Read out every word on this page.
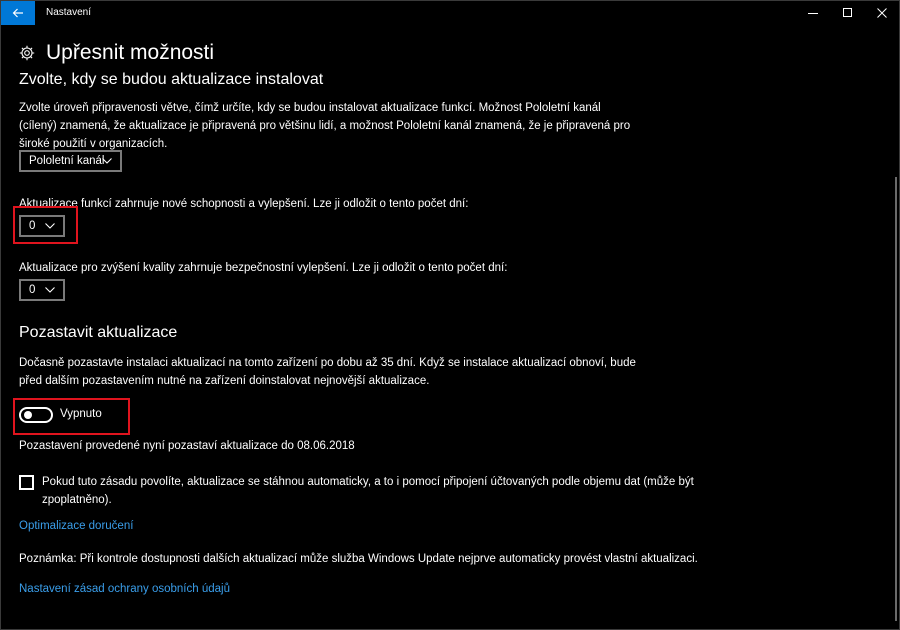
Nastavení
Upřesnit možnosti
Zvolte, kdy se budou aktualizace instalovat
Zvolte úroveň připravenosti větve, čímž určíte, kdy se budou instalovat aktualizace funkcí. Možnost Pololetní kanál
(cílený) znamená, že aktualizace je připravená pro většinu lidí, a možnost Pololetní kanál znamená, že je připravená pro
široké použití v organizacích.
Pololetní kanál
Aktualizace funkcí zahrnuje nové schopnosti a vylepšení. Lze ji odložit o tento počet dní:
0
Aktualizace pro zvýšení kvality zahrnuje bezpečnostní vylepšení. Lze ji odložit o tento počet dní:
0
Pozastavit aktualizace
Dočasně pozastavte instalaci aktualizací na tomto zařízení po dobu až 35 dní. Když se instalace aktualizací obnoví, bude
před dalším pozastavením nutné na zařízení doinstalovat nejnovější aktualizace.
Vypnuto
Pozastavení provedené nyní pozastaví aktualizace do 08.06.2018
Pokud tuto zásadu povolíte, aktualizace se stáhnou automaticky, a to i pomocí připojení účtovaných podle objemu dat (může být
zpoplatněno).
Optimalizace doručení
Poznámka: Při kontrole dostupnosti dalších aktualizací může služba Windows Update nejprve automaticky provést vlastní aktualizaci.
Nastavení zásad ochrany osobních údajů
